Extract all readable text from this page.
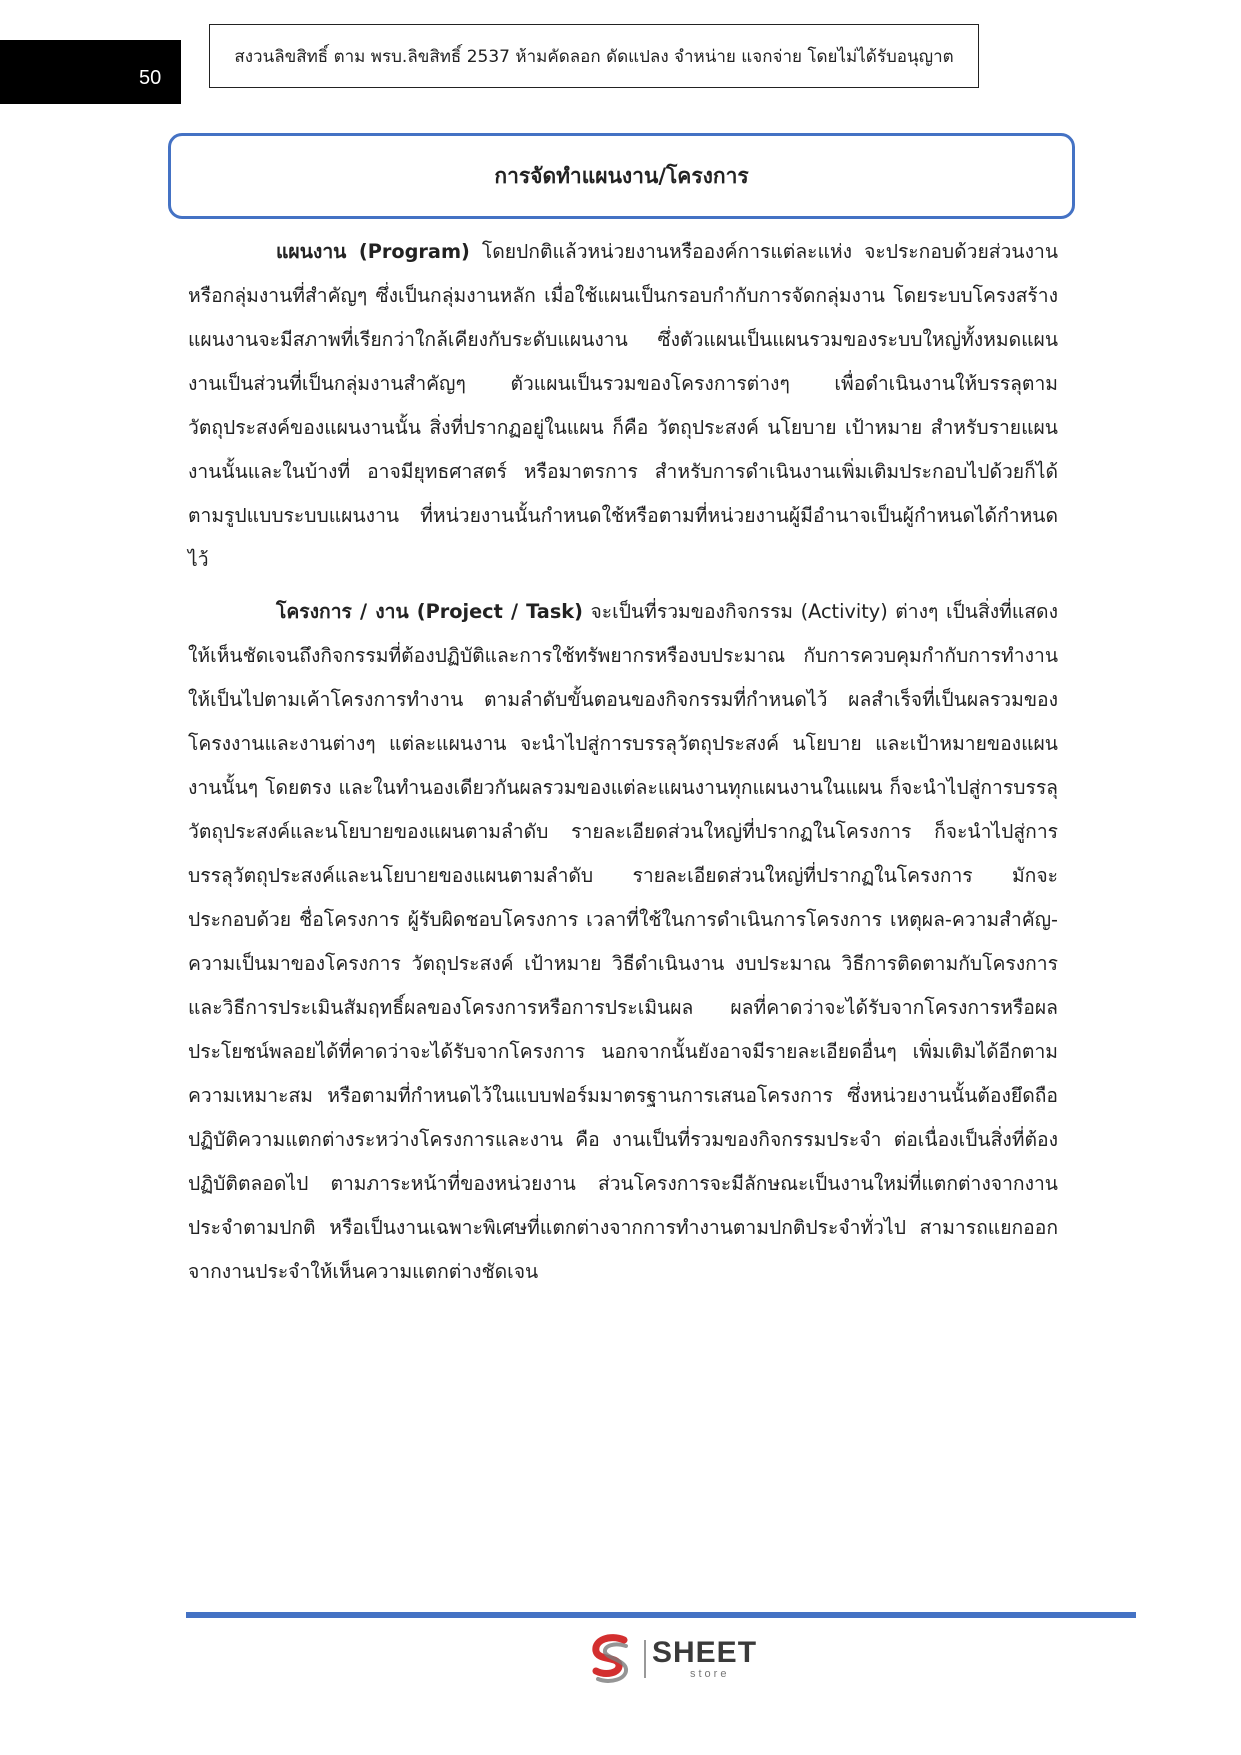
50
สงวนลิขสิทธิ์ ตาม พรบ.ลิขสิทธิ์ 2537 ห้ามคัดลอก ดัดแปลง จำหน่าย แจกจ่าย โดยไม่ได้รับอนุญาต
การจัดทำแผนงาน/โครงการ

แผนงาน (Program) โดยปกติแล้วหน่วยงานหรือองค์การแต่ละแห่ง จะประกอบด้วยส่วนงานหรือกลุ่มงานที่สำคัญๆ ซึ่งเป็นกลุ่มงานหลัก เมื่อใช้แผนเป็นกรอบกำกับการจัดกลุ่มงาน โดยระบบโครงสร้างแผนงานจะมีสภาพที่เรียกว่าใกล้เคียงกับระดับแผนงาน ซึ่งตัวแผนเป็นแผนรวมของระบบใหญ่ทั้งหมดแผนงานเป็นส่วนที่เป็นกลุ่มงานสำคัญๆ ตัวแผนเป็นรวมของโครงการต่างๆ เพื่อดำเนินงานให้บรรลุตามวัตถุประสงค์ของแผนงานนั้น สิ่งที่ปรากฏอยู่ในแผน ก็คือ วัตถุประสงค์ นโยบาย เป้าหมาย สำหรับรายแผนงานนั้นและในบ้างที่ อาจมียุทธศาสตร์ หรือมาตรการ สำหรับการดำเนินงานเพิ่มเติมประกอบไปด้วยก็ได้ ตามรูปแบบระบบแผนงาน ที่หน่วยงานนั้นกำหนดใช้หรือตามที่หน่วยงานผู้มีอำนาจเป็นผู้กำหนดได้กำหนดไว้

โครงการ / งาน (Project / Task) จะเป็นที่รวมของกิจกรรม (Activity) ต่างๆ เป็นสิ่งที่แสดงให้เห็นชัดเจนถึงกิจกรรมที่ต้องปฏิบัติและการใช้ทรัพยากรหรืองบประมาณ กับการควบคุมกำกับการทำงานให้เป็นไปตามเค้าโครงการทำงาน ตามลำดับขั้นตอนของกิจกรรมที่กำหนดไว้ ผลสำเร็จที่เป็นผลรวมของโครงงานและงานต่างๆ แต่ละแผนงาน จะนำไปสู่การบรรลุวัตถุประสงค์ นโยบาย และเป้าหมายของแผนงานนั้นๆ โดยตรง และในทำนองเดียวกันผลรวมของแต่ละแผนงานทุกแผนงานในแผน ก็จะนำไปสู่การบรรลุวัตถุประสงค์และนโยบายของแผนตามลำดับ รายละเอียดส่วนใหญ่ที่ปรากฏในโครงการ ก็จะนำไปสู่การบรรลุวัตถุประสงค์และนโยบายของแผนตามลำดับ รายละเอียดส่วนใหญ่ที่ปรากฏในโครงการ มักจะประกอบด้วย ชื่อโครงการ ผู้รับผิดชอบโครงการ เวลาที่ใช้ในการดำเนินการโครงการ เหตุผล-ความสำคัญ-ความเป็นมาของโครงการ วัตถุประสงค์ เป้าหมาย วิธีดำเนินงาน งบประมาณ วิธีการติดตามกับโครงการและวิธีการประเมินสัมฤทธิ์ผลของโครงการหรือการประเมินผล ผลที่คาดว่าจะได้รับจากโครงการหรือผลประโยชน์พลอยได้ที่คาดว่าจะได้รับจากโครงการ นอกจากนั้นยังอาจมีรายละเอียดอื่นๆ เพิ่มเติมได้อีกตามความเหมาะสม หรือตามที่กำหนดไว้ในแบบฟอร์มมาตรฐานการเสนอโครงการ ซึ่งหน่วยงานนั้นต้องยึดถือปฏิบัติความแตกต่างระหว่างโครงการและงาน คือ งานเป็นที่รวมของกิจกรรมประจำ ต่อเนื่องเป็นสิ่งที่ต้องปฏิบัติตลอดไป ตามภาระหน้าที่ของหน่วยงาน ส่วนโครงการจะมีลักษณะเป็นงานใหม่ที่แตกต่างจากงานประจำตามปกติ หรือเป็นงานเฉพาะพิเศษที่แตกต่างจากการทำงานตามปกติประจำทั่วไป สามารถแยกออกจากงานประจำให้เห็นความแตกต่างชัดเจน

SHEET
store
